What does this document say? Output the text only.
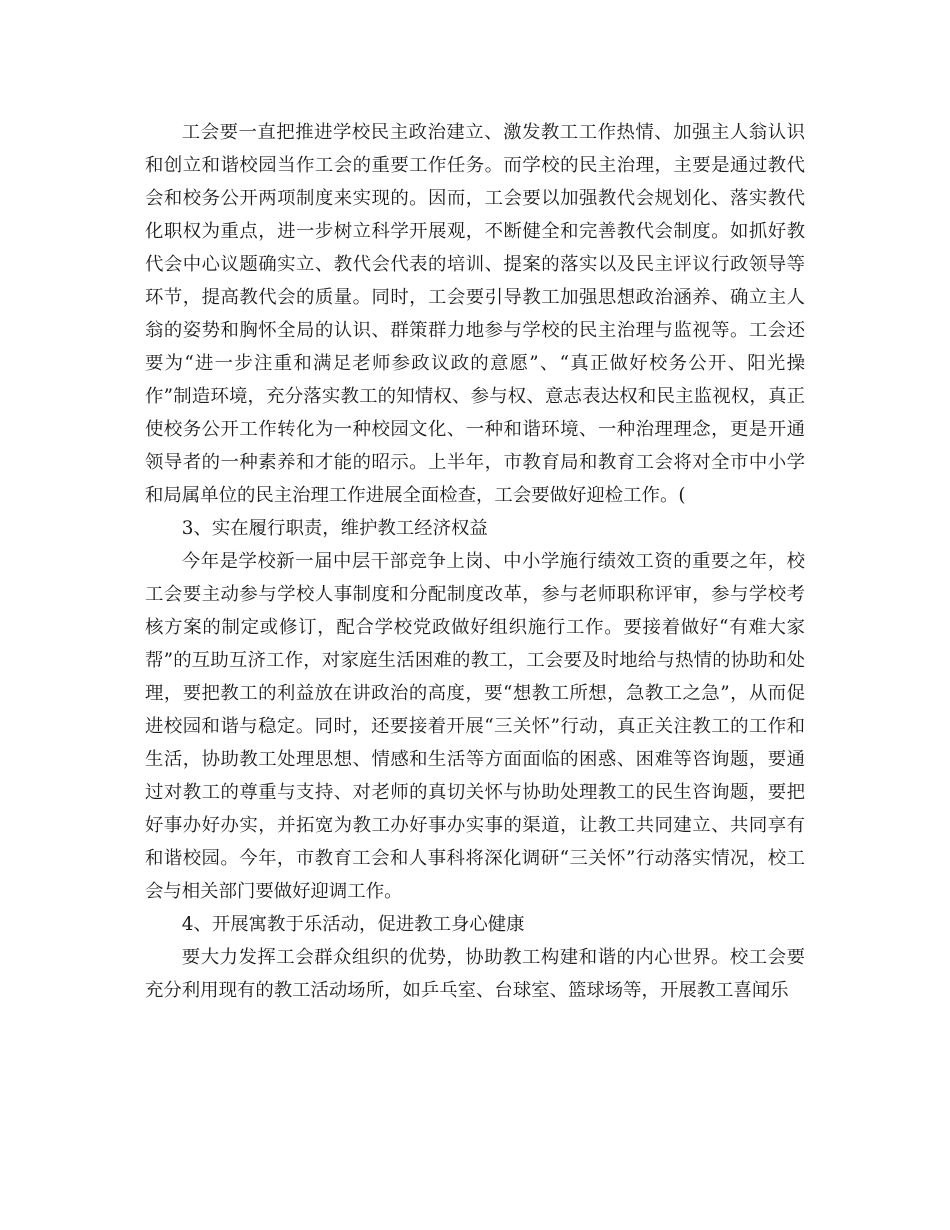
工会要一直把推进学校民主政治建立、激发教工工作热情、加强主人翁认识和创立和谐校园当作工会的重要工作任务。而学校的民主治理，主要是通过教代会和校务公开两项制度来实现的。因而，工会要以加强教代会规划化、落实教代化职权为重点，进一步树立科学开展观，不断健全和完善教代会制度。如抓好教代会中心议题确实立、教代会代表的培训、提案的落实以及民主评议行政领导等环节，提高教代会的质量。同时，工会要引导教工加强思想政治涵养、确立主人翁的姿势和胸怀全局的认识、群策群力地参与学校的民主治理与监视等。工会还要为“进一步注重和满足老师参政议政的意愿”、“真正做好校务公开、阳光操作”制造环境，充分落实教工的知情权、参与权、意志表达权和民主监视权，真正使校务公开工作转化为一种校园文化、一种和谐环境、一种治理理念，更是开通领导者的一种素养和才能的昭示。上半年，市教育局和教育工会将对全市中小学和局属单位的民主治理工作进展全面检查，工会要做好迎检工作。(

3、实在履行职责，维护教工经济权益

今年是学校新一届中层干部竞争上岗、中小学施行绩效工资的重要之年，校工会要主动参与学校人事制度和分配制度改革，参与老师职称评审，参与学校考核方案的制定或修订，配合学校党政做好组织施行工作。要接着做好“有难大家帮”的互助互济工作，对家庭生活困难的教工，工会要及时地给与热情的协助和处理，要把教工的利益放在讲政治的高度，要“想教工所想，急教工之急”，从而促进校园和谐与稳定。同时，还要接着开展“三关怀”行动，真正关注教工的工作和生活，协助教工处理思想、情感和生活等方面面临的困惑、困难等咨询题，要通过对教工的尊重与支持、对老师的真切关怀与协助处理教工的民生咨询题，要把好事办好办实，并拓宽为教工办好事办实事的渠道，让教工共同建立、共同享有和谐校园。今年，市教育工会和人事科将深化调研“三关怀”行动落实情况，校工会与相关部门要做好迎调工作。

4、开展寓教于乐活动，促进教工身心健康

要大力发挥工会群众组织的优势，协助教工构建和谐的内心世界。校工会要充分利用现有的教工活动场所，如乒乓室、台球室、篮球场等，开展教工喜闻乐
